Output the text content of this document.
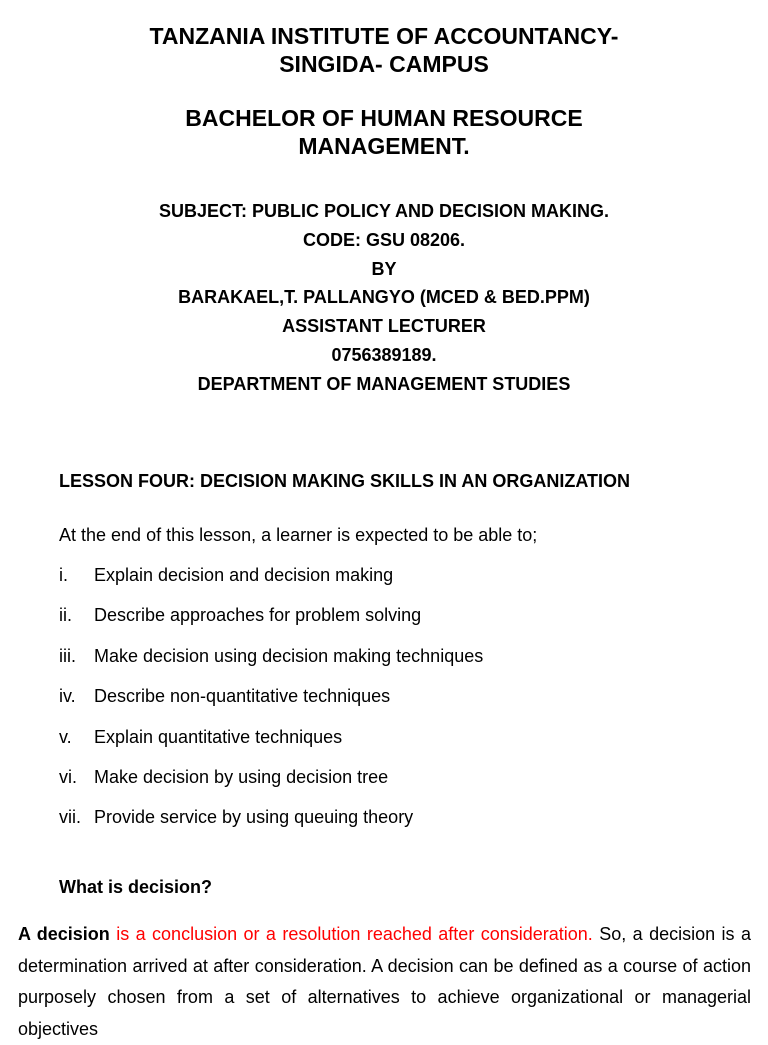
TANZANIA INSTITUTE OF ACCOUNTANCY-
SINGIDA- CAMPUS
BACHELOR OF HUMAN RESOURCE
MANAGEMENT.
SUBJECT: PUBLIC POLICY AND DECISION MAKING.
CODE: GSU 08206.
BY
BARAKAEL,T. PALLANGYO (MCED & BED.PPM)
ASSISTANT LECTURER
0756389189.
DEPARTMENT OF MANAGEMENT STUDIES
LESSON FOUR: DECISION MAKING SKILLS IN AN ORGANIZATION

At the end of this lesson, a learner is expected to be able to;

i. Explain decision and decision making
ii. Describe approaches for problem solving
iii. Make decision using decision making techniques
iv. Describe non-quantitative techniques
v. Explain quantitative techniques
vi. Make decision by using decision tree
vii. Provide service by using queuing theory
What is decision?

A decision is a conclusion or a resolution reached after consideration. So, a decision is a determination arrived at after consideration. A decision can be defined as a course of action purposely chosen from a set of alternatives to achieve organizational or managerial objectives
